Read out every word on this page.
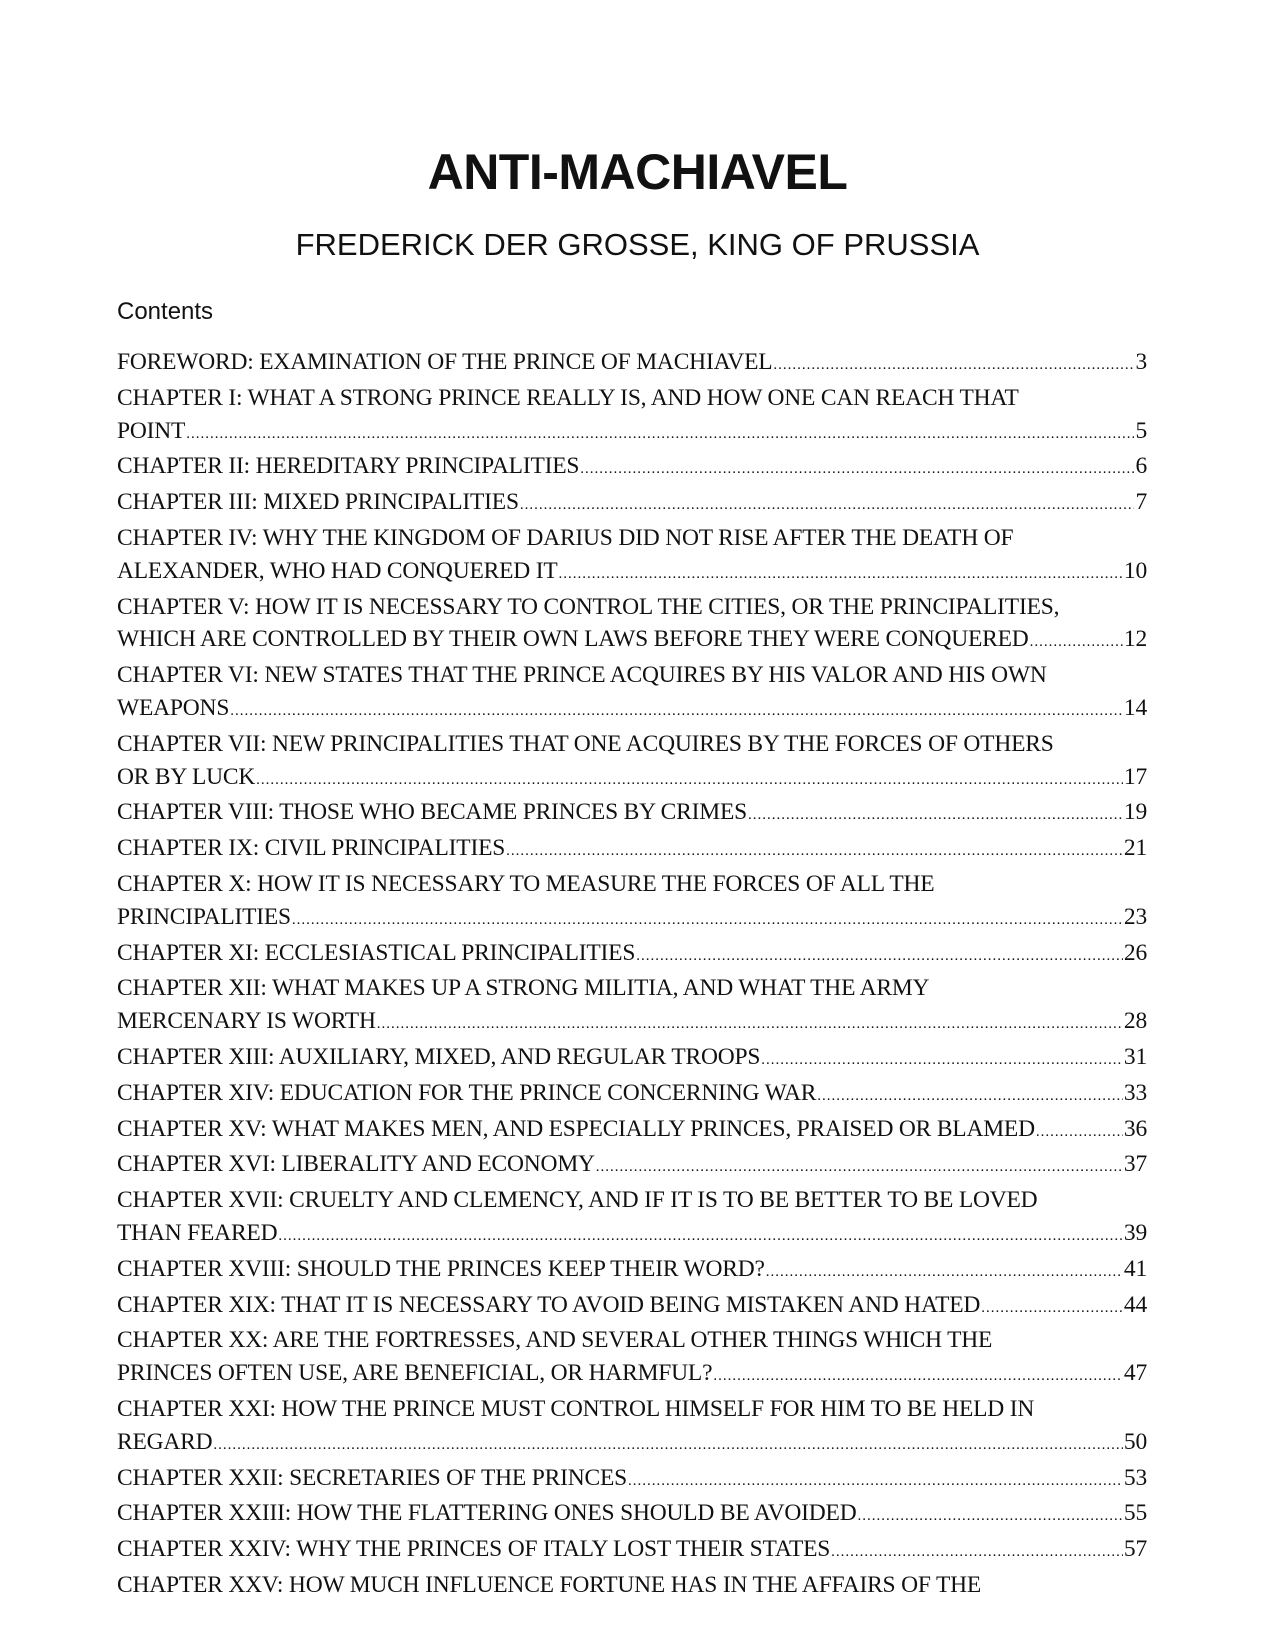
ANTI-MACHIAVEL
FREDERICK DER GROSSE, KING OF PRUSSIA
Contents
FOREWORD: EXAMINATION OF THE PRINCE OF MACHIAVEL .....	3
CHAPTER I: WHAT A STRONG PRINCE REALLY IS, AND HOW ONE CAN REACH THAT
POINT .....	5
CHAPTER II: HEREDITARY PRINCIPALITIES .....	6
CHAPTER III: MIXED PRINCIPALITIES .....	7
CHAPTER IV: WHY THE KINGDOM OF DARIUS DID NOT RISE AFTER THE DEATH OF
ALEXANDER, WHO HAD CONQUERED IT .....	10
CHAPTER V: HOW IT IS NECESSARY TO CONTROL THE CITIES, OR THE PRINCIPALITIES,
WHICH ARE CONTROLLED BY THEIR OWN LAWS BEFORE THEY WERE CONQUERED .....	12
CHAPTER VI: NEW STATES THAT THE PRINCE ACQUIRES BY HIS VALOR AND HIS OWN
WEAPONS .....	14
CHAPTER VII: NEW PRINCIPALITIES THAT ONE ACQUIRES BY THE FORCES OF OTHERS
OR BY LUCK .....	17
CHAPTER VIII: THOSE WHO BECAME PRINCES BY CRIMES .....	19
CHAPTER IX: CIVIL PRINCIPALITIES .....	21
CHAPTER X: HOW IT IS NECESSARY TO MEASURE THE FORCES OF ALL THE
PRINCIPALITIES .....	23
CHAPTER XI: ECCLESIASTICAL PRINCIPALITIES .....	26
CHAPTER XII: WHAT MAKES UP A STRONG MILITIA, AND WHAT THE ARMY
MERCENARY IS WORTH .....	28
CHAPTER XIII: AUXILIARY, MIXED, AND REGULAR TROOPS .....	31
CHAPTER XIV: EDUCATION FOR THE PRINCE CONCERNING WAR .....	33
CHAPTER XV: WHAT MAKES MEN, AND ESPECIALLY PRINCES, PRAISED OR BLAMED .....	36
CHAPTER XVI: LIBERALITY AND ECONOMY .....	37
CHAPTER XVII: CRUELTY AND CLEMENCY, AND IF IT IS TO BE BETTER TO BE LOVED
THAN FEARED .....	39
CHAPTER XVIII: SHOULD THE PRINCES KEEP THEIR WORD? .....	41
CHAPTER XIX: THAT IT IS NECESSARY TO AVOID BEING MISTAKEN AND HATED .....	44
CHAPTER XX: ARE THE FORTRESSES, AND SEVERAL OTHER THINGS WHICH THE
PRINCES OFTEN USE, ARE BENEFICIAL, OR HARMFUL? .....	47
CHAPTER XXI: HOW THE PRINCE MUST CONTROL HIMSELF FOR HIM TO BE HELD IN
REGARD .....	50
CHAPTER XXII: SECRETARIES OF THE PRINCES .....	53
CHAPTER XXIII: HOW THE FLATTERING ONES SHOULD BE AVOIDED .....	55
CHAPTER XXIV: WHY THE PRINCES OF ITALY LOST THEIR STATES .....	57
CHAPTER XXV: HOW MUCH INFLUENCE FORTUNE HAS IN THE AFFAIRS OF THE
